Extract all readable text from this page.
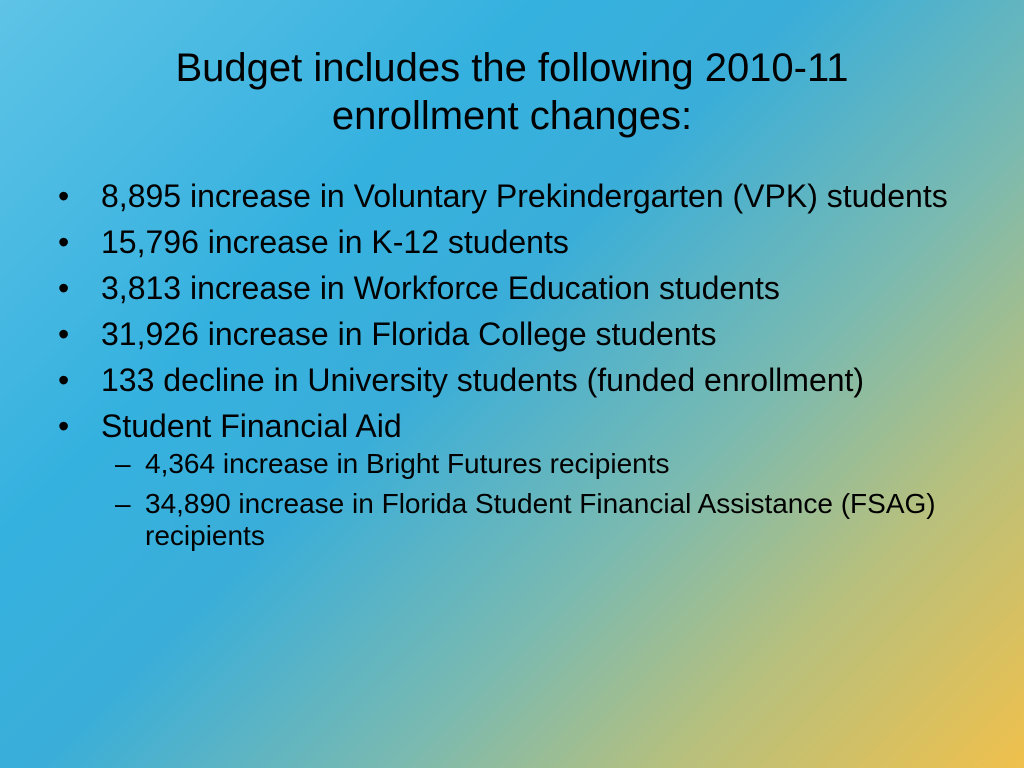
Budget includes the following 2010-11
enrollment changes:
• 8,895 increase in Voluntary Prekindergarten (VPK) students
• 15,796 increase in K-12 students
• 3,813 increase in Workforce Education students
• 31,926 increase in Florida College students
• 133 decline in University students (funded enrollment)
• Student Financial Aid
– 4,364 increase in Bright Futures recipients
– 34,890 increase in Florida Student Financial Assistance (FSAG) recipients
